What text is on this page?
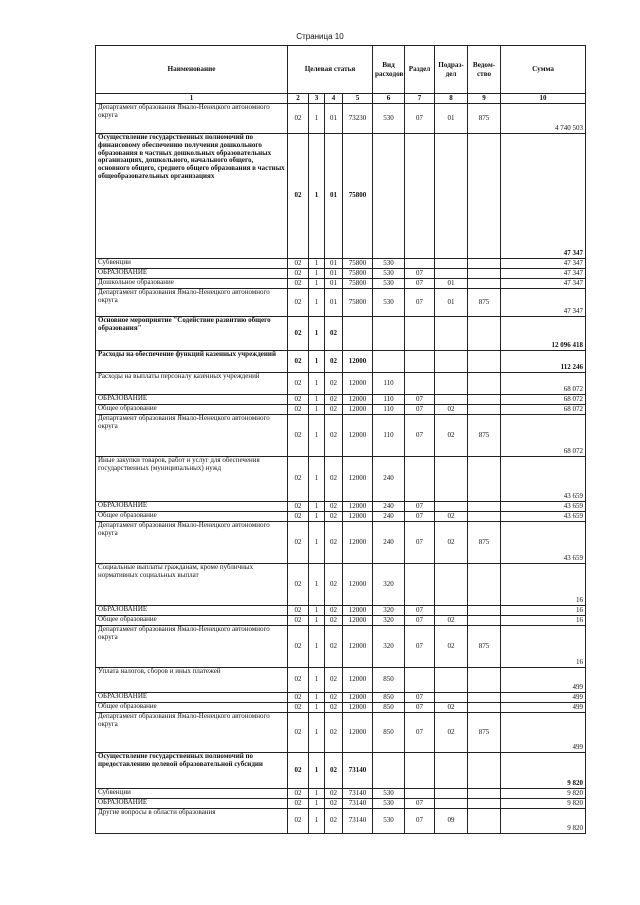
Страница 10
Наименование	Целевая статья				Вид расходов	Раздел	Подраз-дел	Ведом-ство	Сумма
1	2	3	4	5	6	7	8	9	10
Департамент образования Ямало-Ненецкого автономного округа	02	1	01	73230	530	07	01	875	4 740 503
Осуществление государственных полномочий по финансовому обеспечению получения дошкольного образования в частных дошкольных образовательных организациях, дошкольного, начального общего, основного общего, среднего общего образования в частных общеобразовательных организациях	02	1	01	75800					47 347
Субвенции	02	1	01	75800	530				47 347
ОБРАЗОВАНИЕ	02	1	01	75800	530	07			47 347
Дошкольное образование	02	1	01	75800	530	07	01		47 347
Департамент образования Ямало-Ненецкого автономного округа	02	1	01	75800	530	07	01	875	47 347
Основное мероприятие "Содействие развитию общего образования"	02	1	02						12 096 418
Расходы на обеспечение функций казенных учреждений	02	1	02	12000					112 246
Расходы на выплаты персоналу казенных учреждений	02	1	02	12000	110				68 072
ОБРАЗОВАНИЕ	02	1	02	12000	110	07			68 072
Общее образование	02	1	02	12000	110	07	02		68 072
Департамент образования Ямало-Ненецкого автономного округа	02	1	02	12000	110	07	02	875	68 072
Иные закупки товаров, работ и услуг для обеспечения государственных (муниципальных) нужд	02	1	02	12000	240				43 659
ОБРАЗОВАНИЕ	02	1	02	12000	240	07			43 659
Общее образование	02	1	02	12000	240	07	02		43 659
Департамент образования Ямало-Ненецкого автономного округа	02	1	02	12000	240	07	02	875	43 659
Социальные выплаты гражданам, кроме публичных нормативных социальных выплат	02	1	02	12000	320				16
ОБРАЗОВАНИЕ	02	1	02	12000	320	07			16
Общее образование	02	1	02	12000	320	07	02		16
Департамент образования Ямало-Ненецкого автономного округа	02	1	02	12000	320	07	02	875	16
Уплата налогов, сборов и иных платежей	02	1	02	12000	850				499
ОБРАЗОВАНИЕ	02	1	02	12000	850	07			499
Общее образование	02	1	02	12000	850	07	02		499
Департамент образования Ямало-Ненецкого автономного округа	02	1	02	12000	850	07	02	875	499
Осуществление государственных полномочий по предоставлению целевой образовательной субсидии	02	1	02	73140					9 820
Субвенции	02	1	02	73140	530				9 820
ОБРАЗОВАНИЕ	02	1	02	73140	530	07			9 820
Другие вопросы в области образования	02	1	02	73140	530	07	09		9 820
